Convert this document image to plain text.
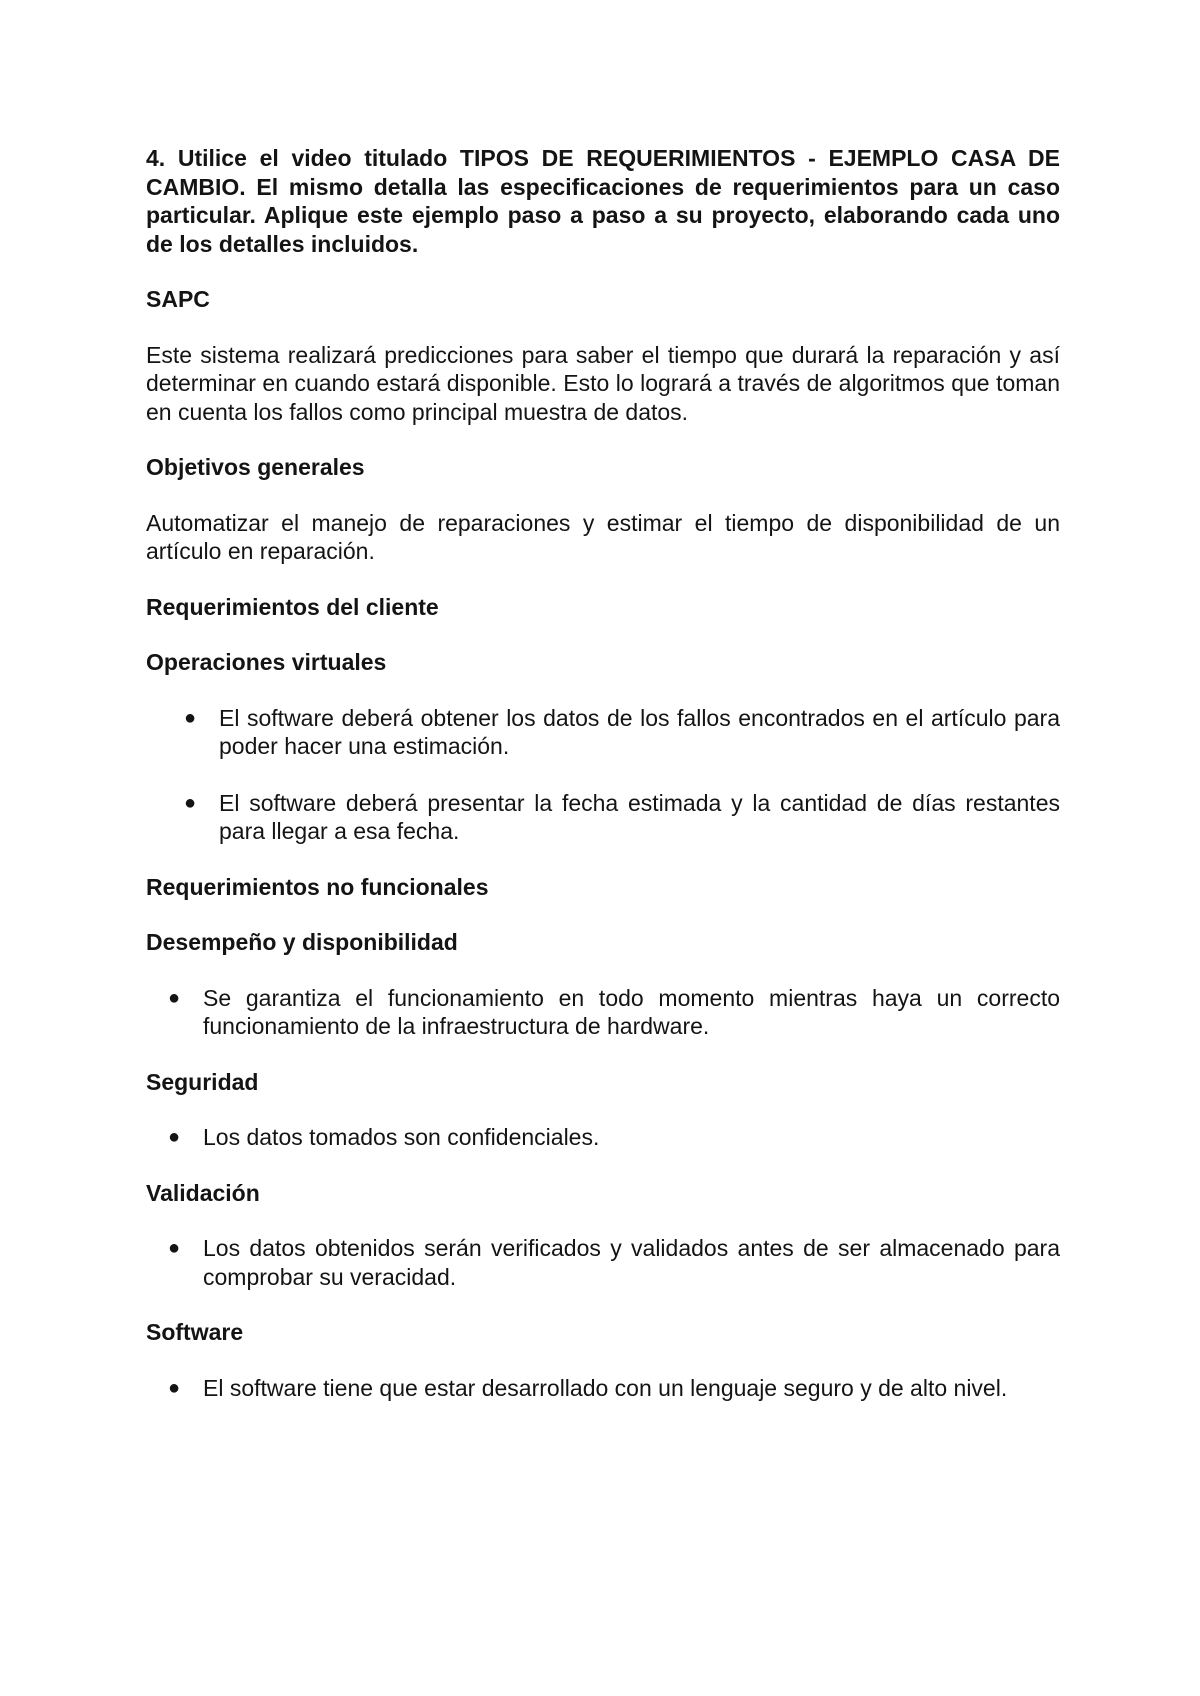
4. Utilice el video titulado TIPOS DE REQUERIMIENTOS - EJEMPLO CASA DE CAMBIO. El mismo detalla las especificaciones de requerimientos para un caso particular. Aplique este ejemplo paso a paso a su proyecto, elaborando cada uno de los detalles incluidos.

SAPC

Este sistema realizará predicciones para saber el tiempo que durará la reparación y así determinar en cuando estará disponible. Esto lo logrará a través de algoritmos que toman en cuenta los fallos como principal muestra de datos.

Objetivos generales

Automatizar el manejo de reparaciones y estimar el tiempo de disponibilidad de un artículo en reparación.

Requerimientos del cliente
Operaciones virtuales
● El software deberá obtener los datos de los fallos encontrados en el artículo para poder hacer una estimación.
● El software deberá presentar la fecha estimada y la cantidad de días restantes para llegar a esa fecha.
Requerimientos no funcionales
Desempeño y disponibilidad
● Se garantiza el funcionamiento en todo momento mientras haya un correcto funcionamiento de la infraestructura de hardware.
Seguridad
● Los datos tomados son confidenciales.
Validación
● Los datos obtenidos serán verificados y validados antes de ser almacenado para comprobar su veracidad.
Software
● El software tiene que estar desarrollado con un lenguaje seguro y de alto nivel.
